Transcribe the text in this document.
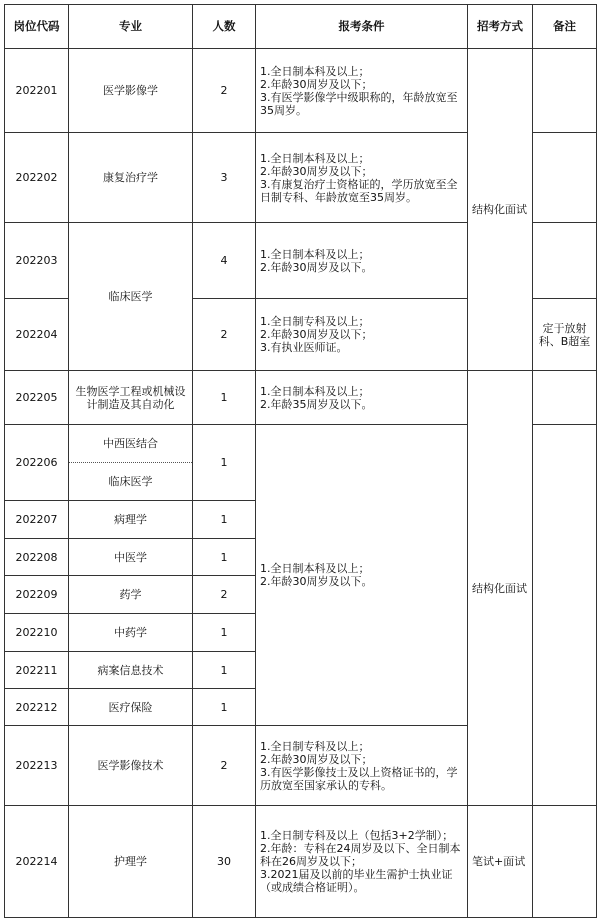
岗位代码	专业	人数	报考条件	招考方式	备注
202201	医学影像学	2	1.全日制本科及以上；
2.年龄30周岁及以下；
3.有医学影像学中级职称的，年龄放宽至35周岁。	结构化面试	
202202	康复治疗学	3	1.全日制本科及以上；
2.年龄30周岁及以下；
3.有康复治疗士资格证的，学历放宽至全日制专科、年龄放宽至35周岁。		

202203	临床医学	4	1.全日制本科及以上；
2.年龄30周岁及以下。		

202204		2	1.全日制专科及以上；
2.年龄30周岁及以下；
3.有执业医师证。		定于放射科、B超室
202205	生物医学工程或机械设计制造及其自动化	1	1.全日制本科及以上；
2.年龄35周岁及以下。	结构化面试	
202206	中西医结合	1	1.全日制本科及以上；
2.年龄30周岁及以下。		

	临床医学				
202207	病理学	1			
202208	中医学	1			
202209	药学	2			
202210	中药学	1			
202211	病案信息技术	1			
202212	医疗保险	1			
202213	医学影像技术	2	1.全日制专科及以上；
2.年龄30周岁及以下；
3.有医学影像技士及以上资格证书的，学历放宽至国家承认的专科。		

202214	护理学	30	1.全日制专科及以上（包括3+2学制）；
2.年龄：专科在24周岁及以下、全日制本科在26周岁及以下；
3.2021届及以前的毕业生需护士执业证（或成绩合格证明）。	笔试+面试	
